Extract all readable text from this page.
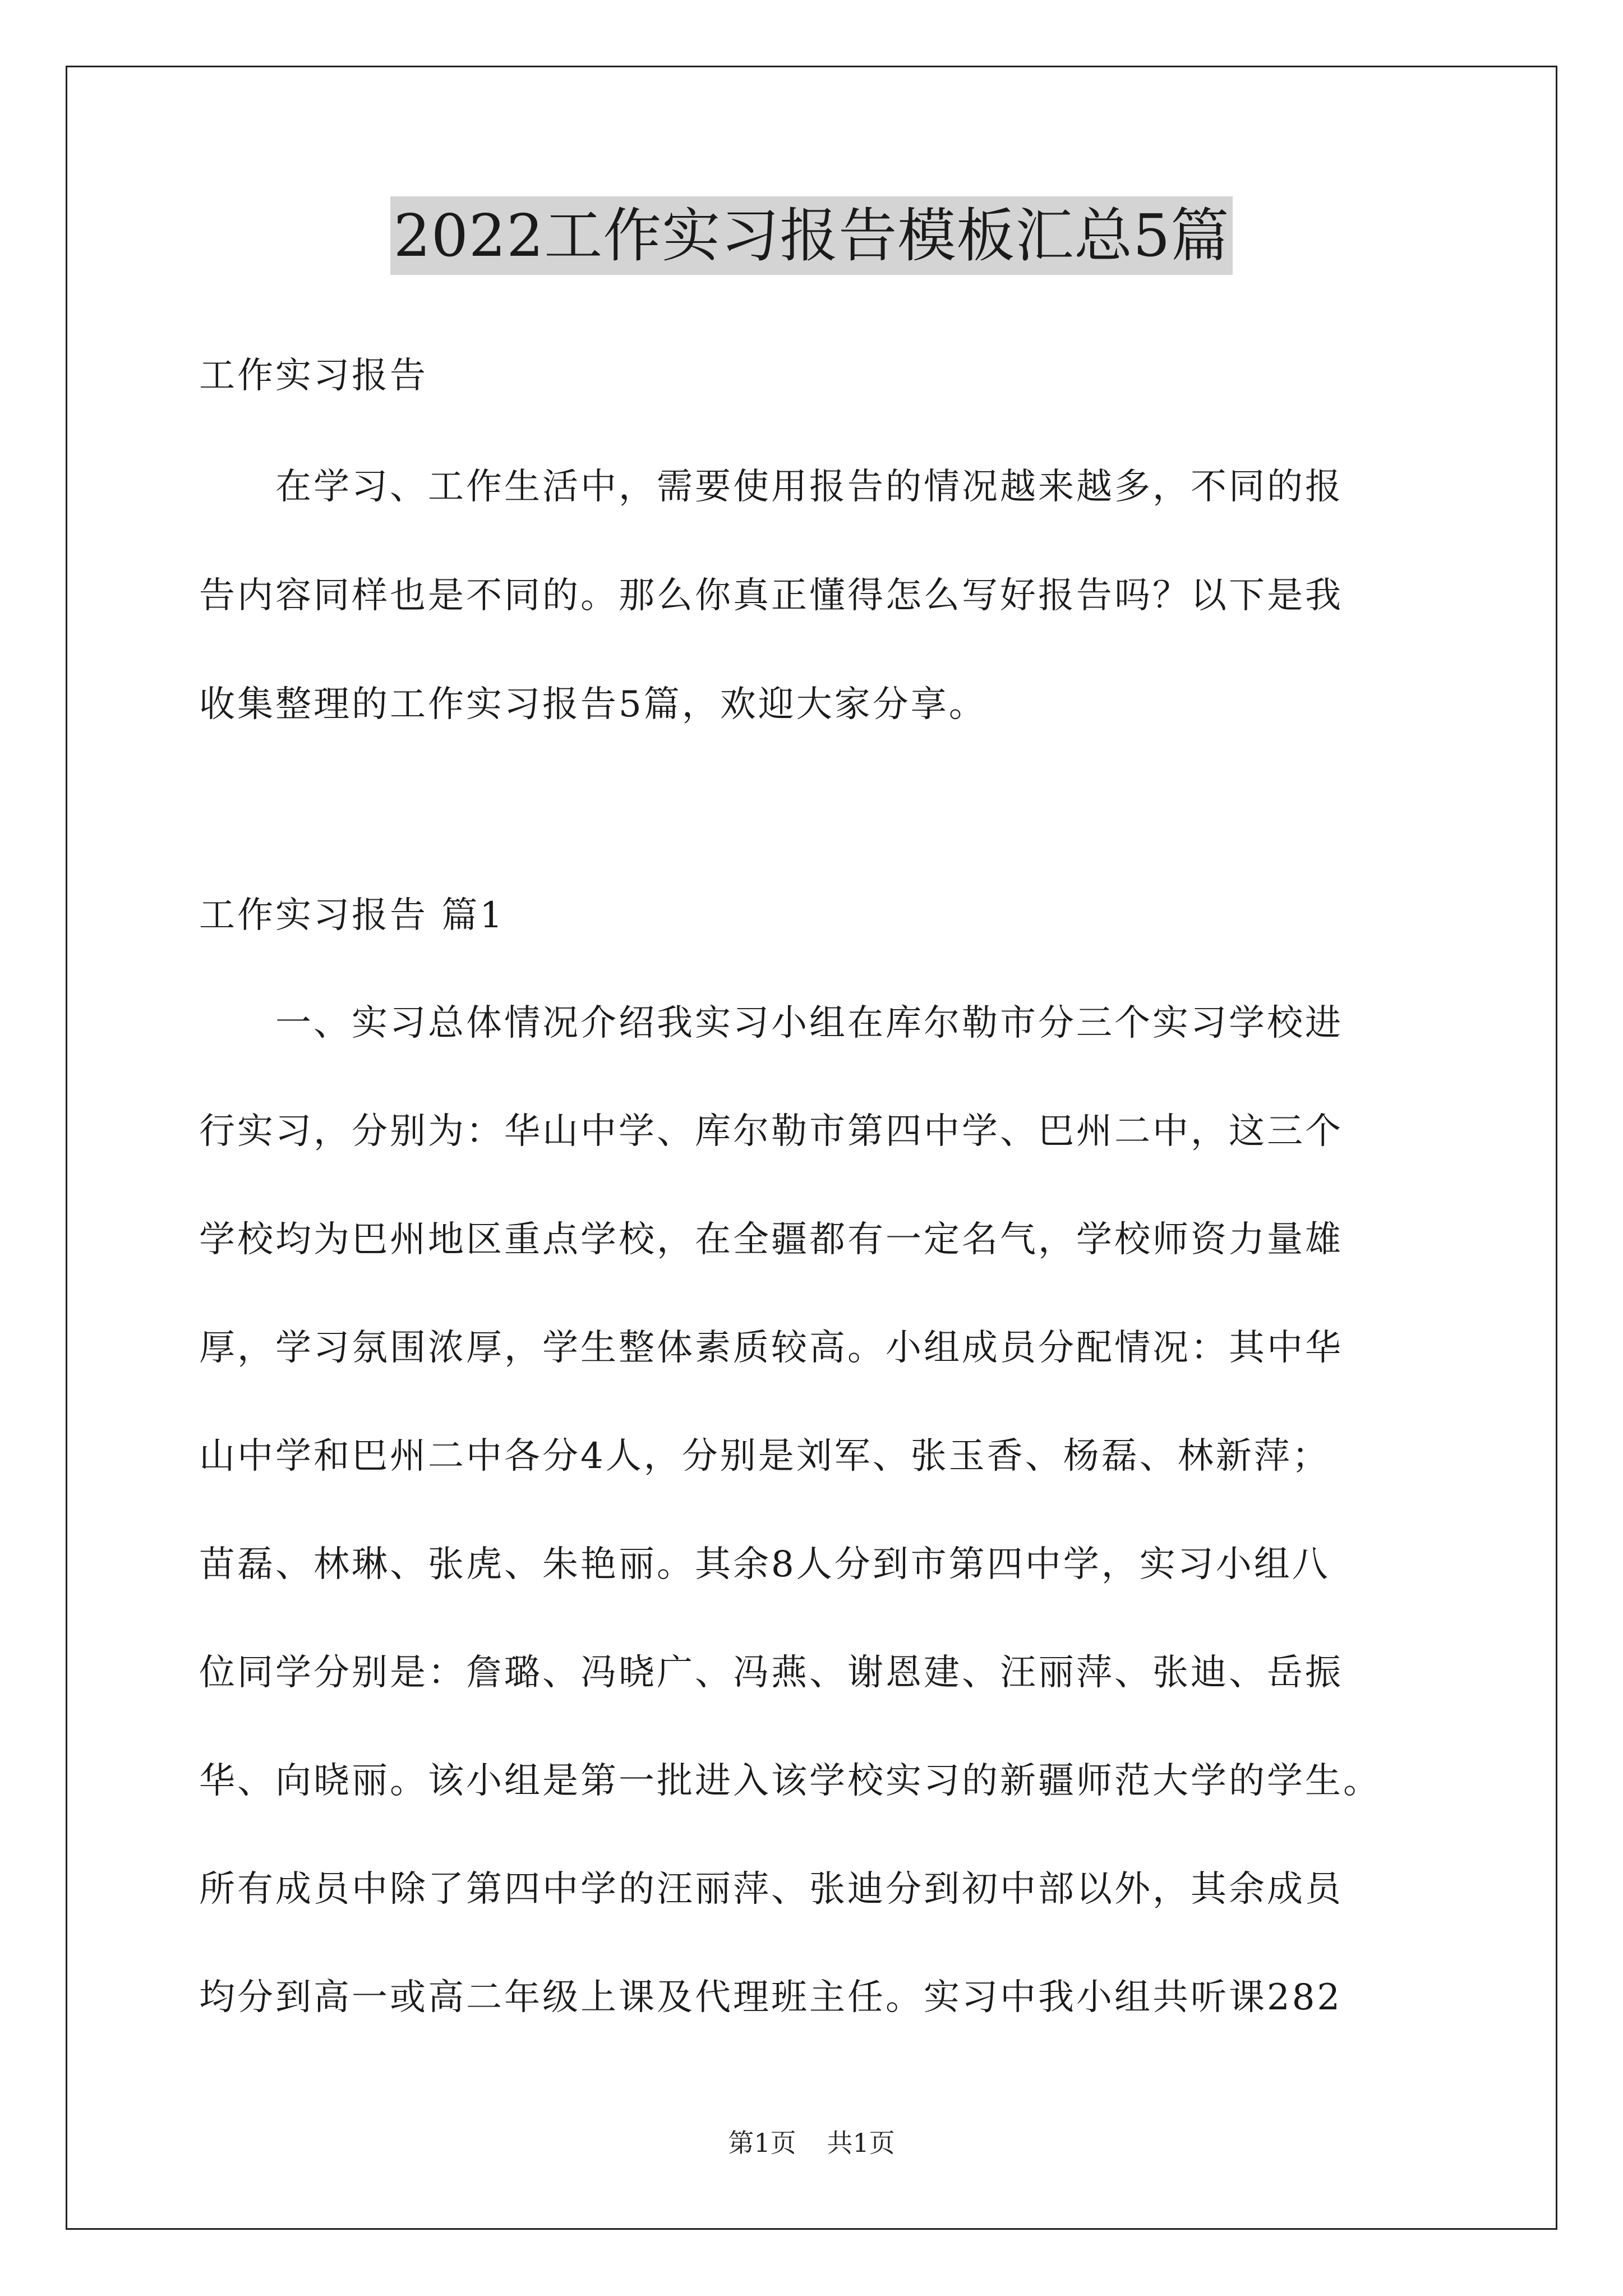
2022工作实习报告模板汇总5篇
工作实习报告
　　在学习、工作生活中，需要使用报告的情况越来越多，不同的报
告内容同样也是不同的。那么你真正懂得怎么写好报告吗？以下是我
收集整理的工作实习报告5篇，欢迎大家分享。
工作实习报告 篇1
　　一、实习总体情况介绍我实习小组在库尔勒市分三个实习学校进
行实习，分别为：华山中学、库尔勒市第四中学、巴州二中，这三个
学校均为巴州地区重点学校，在全疆都有一定名气，学校师资力量雄
厚，学习氛围浓厚，学生整体素质较高。小组成员分配情况：其中华
山中学和巴州二中各分4人，分别是刘军、张玉香、杨磊、林新萍；
苗磊、林琳、张虎、朱艳丽。其余8人分到市第四中学，实习小组八
位同学分别是：詹璐、冯晓广、冯燕、谢恩建、汪丽萍、张迪、岳振
华、向晓丽。该小组是第一批进入该学校实习的新疆师范大学的学生。
所有成员中除了第四中学的汪丽萍、张迪分到初中部以外，其余成员
均分到高一或高二年级上课及代理班主任。实习中我小组共听课282
第1页 共1页
